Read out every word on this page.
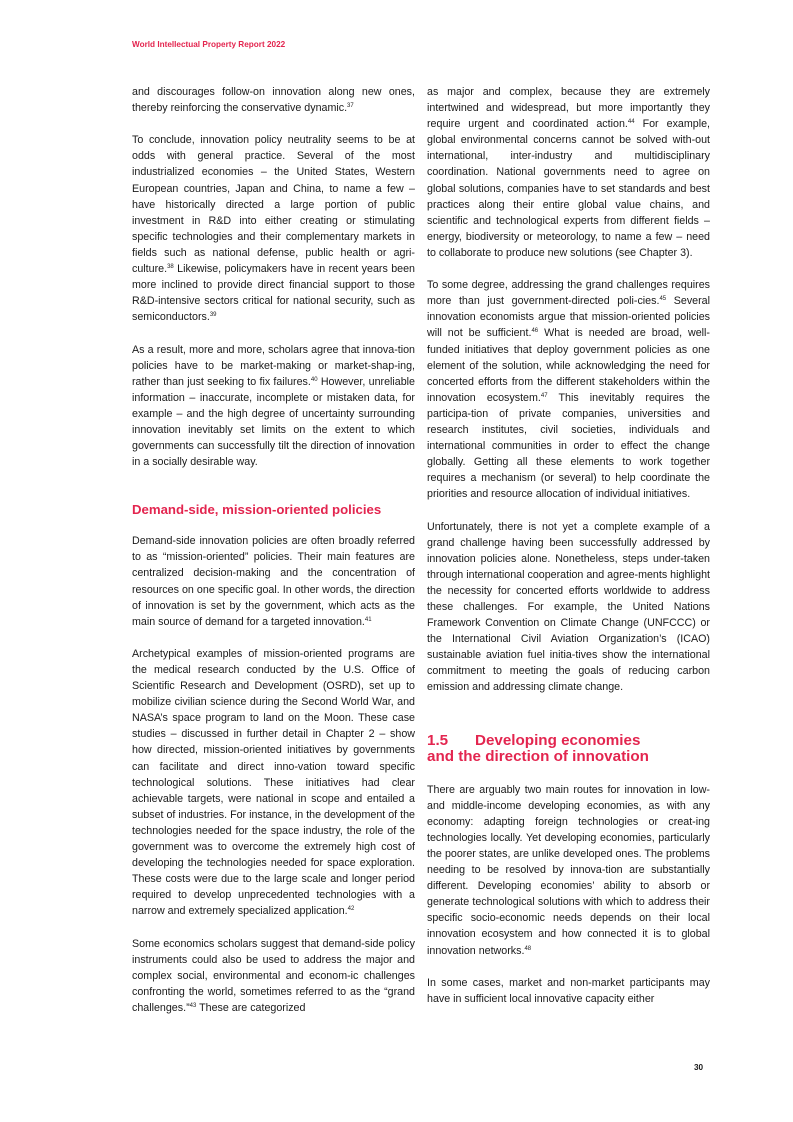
World Intellectual Property Report 2022

and discourages follow-on innovation along new ones, thereby reinforcing the conservative dynamic.$^{37}$

To conclude, innovation policy neutrality seems to be at odds with general practice. Several of the most industrialized economies – the United States, Western European countries, Japan and China, to name a few – have historically directed a large portion of public investment in R&D into either creating or stimulating specific technologies and their complementary markets in fields such as national defense, public health or agri-culture.$^{38}$ Likewise, policymakers have in recent years been more inclined to provide direct financial support to those R&D-intensive sectors critical for national security, such as semiconductors.$^{39}$

As a result, more and more, scholars agree that innova-tion policies have to be market-making or market-shap-ing, rather than just seeking to fix failures.$^{40}$ However, unreliable information – inaccurate, incomplete or mistaken data, for example – and the high degree of uncertainty surrounding innovation inevitably set limits on the extent to which governments can successfully tilt the direction of innovation in a socially desirable way.

Demand-side, mission-oriented policies

Demand-side innovation policies are often broadly referred to as “mission-oriented” policies. Their main features are centralized decision-making and the concentration of resources on one specific goal. In other words, the direction of innovation is set by the government, which acts as the main source of demand for a targeted innovation.$^{41}$

Archetypical examples of mission-oriented programs are the medical research conducted by the U.S. Office of Scientific Research and Development (OSRD), set up to mobilize civilian science during the Second World War, and NASA’s space program to land on the Moon. These case studies – discussed in further detail in Chapter 2 – show how directed, mission-oriented initiatives by governments can facilitate and direct inno-vation toward specific technological solutions. These initiatives had clear achievable targets, were national in scope and entailed a subset of industries. For instance, in the development of the technologies needed for the space industry, the role of the government was to overcome the extremely high cost of developing the technologies needed for space exploration. These costs were due to the large scale and longer period required to develop unprecedented technologies with a narrow and extremely specialized application.$^{42}$

Some economics scholars suggest that demand-side policy instruments could also be used to address the major and complex social, environmental and econom-ic challenges confronting the world, sometimes referred to as the “grand challenges.”$^{43}$ These are categorized

as major and complex, because they are extremely intertwined and widespread, but more importantly they require urgent and coordinated action.$^{44}$ For example, global environmental concerns cannot be solved with-out international, inter-industry and multidisciplinary coordination. National governments need to agree on global solutions, companies have to set standards and best practices along their entire global value chains, and scientific and technological experts from different fields – energy, biodiversity or meteorology, to name a few – need to collaborate to produce new solutions (see Chapter 3).

To some degree, addressing the grand challenges requires more than just government-directed poli-cies.$^{45}$ Several innovation economists argue that mission-oriented policies will not be sufficient.$^{46}$ What is needed are broad, well-funded initiatives that deploy government policies as one element of the solution, while acknowledging the need for concerted efforts from the different stakeholders within the innovation ecosystem.$^{47}$ This inevitably requires the participa-tion of private companies, universities and research institutes, civil societies, individuals and international communities in order to effect the change globally. Getting all these elements to work together requires a mechanism (or several) to help coordinate the priorities and resource allocation of individual initiatives.

Unfortunately, there is not yet a complete example of a grand challenge having been successfully addressed by innovation policies alone. Nonetheless, steps under-taken through international cooperation and agree-ments highlight the necessity for concerted efforts worldwide to address these challenges. For example, the United Nations Framework Convention on Climate Change (UNFCCC) or the International Civil Aviation Organization’s (ICAO) sustainable aviation fuel initia-tives show the international commitment to meeting the goals of reducing carbon emission and addressing climate change.

1.5 Developing economies
and the direction of innovation

There are arguably two main routes for innovation in low- and middle-income developing economies, as with any economy: adapting foreign technologies or creat-ing technologies locally. Yet developing economies, particularly the poorer states, are unlike developed ones. The problems needing to be resolved by innova-tion are substantially different. Developing economies’ ability to absorb or generate technological solutions with which to address their specific socio-economic needs depends on their local innovation ecosystem and how connected it is to global innovation networks.$^{48}$

In some cases, market and non-market participants may have in sufficient local innovative capacity either

30
